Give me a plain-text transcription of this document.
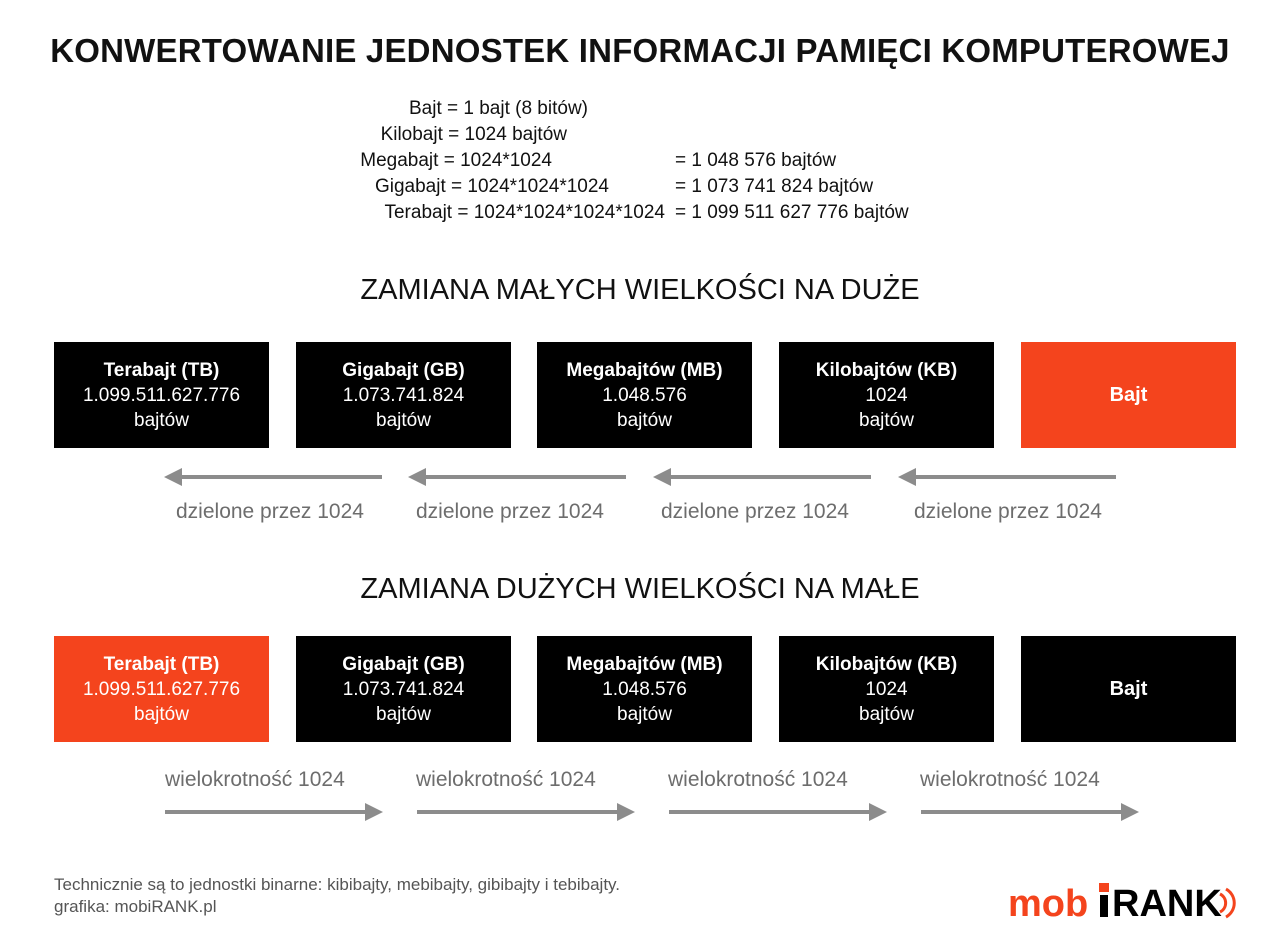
KONWERTOWANIE JEDNOSTEK INFORMACJI PAMIĘCI KOMPUTEROWEJ
Bajt = 1 bajt (8 bitów)
Kilobajt = 1024 bajtów
Megabajt = 1024*1024	= 1 048 576 bajtów
Gigabajt = 1024*1024*1024	= 1 073 741 824 bajtów
Terabajt = 1024*1024*1024*1024 = 1 099 511 627 776 bajtów
ZAMIANA MAŁYCH WIELKOŚCI NA DUŻE
Terabajt (TB)
1.099.511.627.776
bajtów
Gigabajt (GB)
1.073.741.824
bajtów
Megabajtów (MB)
1.048.576
bajtów
Kilobajtów (KB)
1024
bajtów
Bajt
dzielone przez 1024 dzielone przez 1024	dzielone przez 1024	dzielone przez 1024
ZAMIANA DUŻYCH WIELKOŚCI NA MAŁE
Terabajt (TB)
1.099.511.627.776
bajtów
Gigabajt (GB)
1.073.741.824
bajtów
Megabajtów (MB)
1.048.576
bajtów
Kilobajtów (KB)
1024
bajtów
Bajt
wielokrotność 1024	wielokrotność 1024	wielokrotność 1024	wielokrotność 1024
Technicznie są to jednostki binarne: kibibajty, mebibajty, gibibajty i tebibajty.
grafika: mobiRANK.pl	mob RANK
